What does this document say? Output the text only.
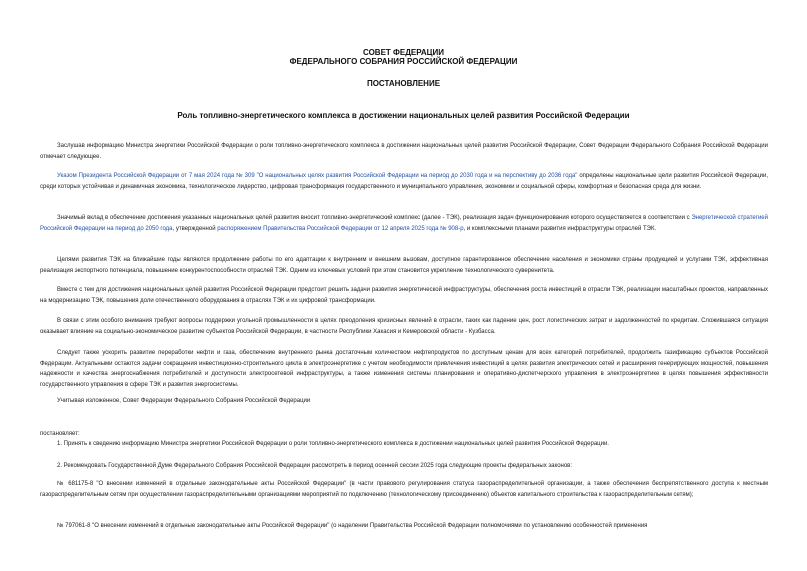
СОВЕТ ФЕДЕРАЦИИ
ФЕДЕРАЛЬНОГО СОБРАНИЯ РОССИЙСКОЙ ФЕДЕРАЦИИ
ПОСТАНОВЛЕНИЕ
Роль топливно-энергетического комплекса в достижении национальных целей развития Российской Федерации

Заслушав информацию Министра энергетики Российской Федерации о роли топливно-энергетического комплекса в достижении национальных целей развития Российской Федерации, Совет Федерации Федерального Собрания Российской Федерации отмечает следующее.

Указом Президента Российской Федерации от 7 мая 2024 года № 309 "О национальных целях развития Российской Федерации на период до 2030 года и на перспективу до 2036 года" определены национальные цели развития Российской Федерации, среди которых устойчивая и динамичная экономика, технологическое лидерство, цифровая трансформация государственного и муниципального управления, экономики и социальной сферы, комфортная и безопасная среда для жизни.

Значимый вклад в обеспечение достижения указанных национальных целей развития вносит топливно-энергетический комплекс (далее - ТЭК), реализация задач функционирования которого осуществляется в соответствии с Энергетической стратегией Российской Федерации на период до 2050 года, утвержденной распоряжением Правительства Российской Федерации от 12 апреля 2025 года № 908-р, и комплексными планами развития инфраструктуры отраслей ТЭК.

Целями развития ТЭК на ближайшие годы являются продолжение работы по его адаптации к внутренним и внешним вызовам, доступное гарантированное обеспечение населения и экономики страны продукцией и услугами ТЭК, эффективная реализация экспортного потенциала, повышение конкурентоспособности отраслей ТЭК. Одним из ключевых условий при этом становится укрепление технологического суверенитета.

Вместе с тем для достижения национальных целей развития Российской Федерации предстоит решить задачи развития энергетической инфраструктуры, обеспечения роста инвестиций в отрасли ТЭК, реализации масштабных проектов, направленных на модернизацию ТЭК, повышения доли отечественного оборудования в отраслях ТЭК и их цифровой трансформации.

В связи с этим особого внимания требуют вопросы поддержки угольной промышленности в целях преодоления кризисных явлений в отрасли, таких как падение цен, рост логистических затрат и задолженностей по кредитам. Сложившаяся ситуация оказывает влияние на социально-экономическое развитие субъектов Российской Федерации, в частности Республики Хакасия и Кемеровской области - Кузбасса.

Следует также ускорить развитие переработки нефти и газа, обеспечение внутреннего рынка достаточным количеством нефтепродуктов по доступным ценам для всех категорий потребителей, продолжить газификацию субъектов Российской Федерации. Актуальными остаются задачи сокращения инвестиционно-строительного цикла в электроэнергетике с учетом необходимости привлечения инвестиций в целях развития электрических сетей и расширения генерирующих мощностей, повышения надежности и качества энергоснабжения потребителей и доступности электросетевой инфраструктуры, а также изменения системы планирования и оперативно-диспетчерского управления в электроэнергетике в целях повышения эффективности государственного управления в сфере ТЭК и развития энергосистемы.

Учитывая изложенное, Совет Федерации Федерального Собрания Российской Федерации

постановляет:

1. Принять к сведению информацию Министра энергетики Российской Федерации о роли топливно-энергетического комплекса в достижении национальных целей развития Российской Федерации.

2. Рекомендовать Государственной Думе Федерального Собрания Российской Федерации рассмотреть в период осенней сессии 2025 года следующие проекты федеральных законов:

№ 681175-8 "О внесении изменений в отдельные законодательные акты Российской Федерации" (в части правового регулирования статуса газораспределительной организации, а также обеспечения беспрепятственного доступа к местным газораспределительным сетям при осуществлении газораспределительными организациями мероприятий по подключению (технологическому присоединению) объектов капитального строительства к газораспределительным сетям);

№ 797061-8 "О внесении изменений в отдельные законодательные акты Российской Федерации" (о наделении Правительства Российской Федерации полномочиями по установлению особенностей применения
